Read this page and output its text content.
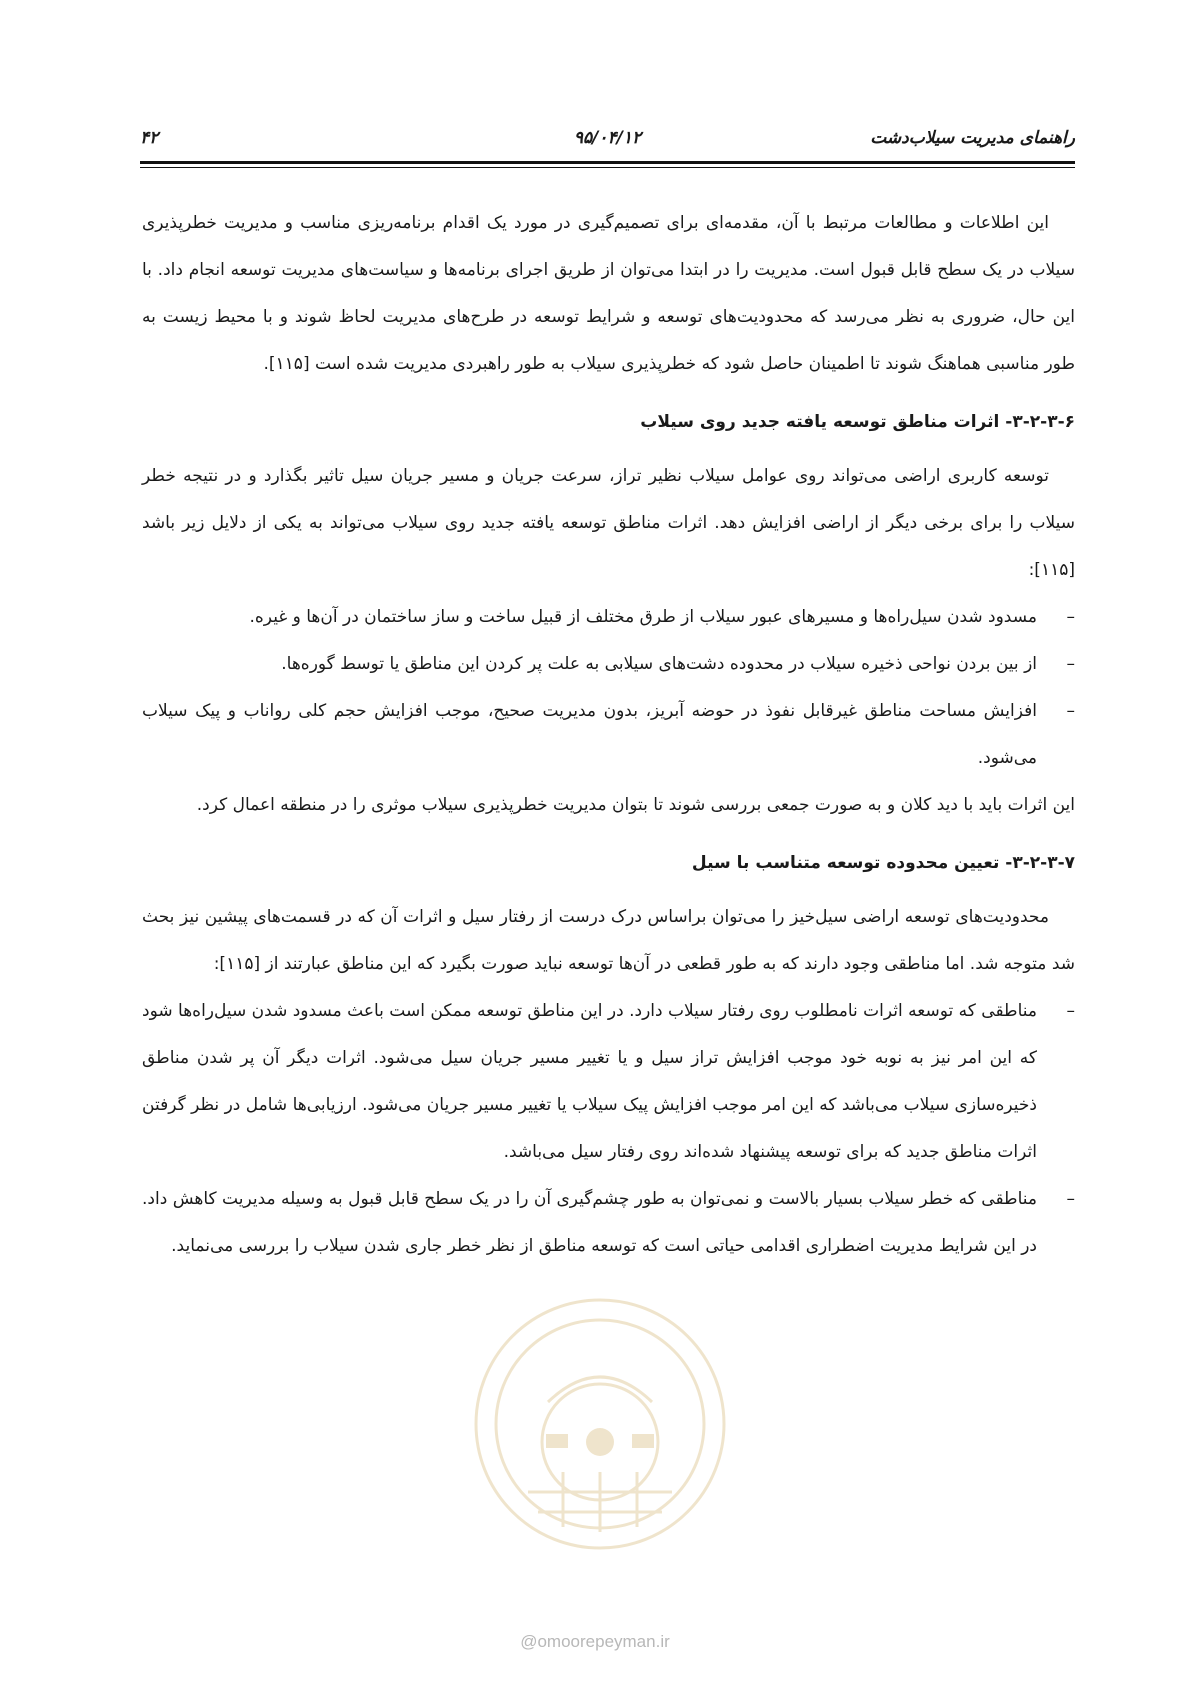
راهنمای مدیریت سیلاب‌دشت
۹۵/۰۴/۱۲
۴۲

این اطلاعات و مطالعات مرتبط با آن، مقدمه‌ای برای تصمیم‌گیری در مورد یک اقدام برنامه‌ریزی مناسب و مدیریت خطرپذیری سیلاب در یک سطح قابل قبول است. مدیریت را در ابتدا می‌توان از طریق اجرای برنامه‌ها و سیاست‌های مدیریت توسعه انجام داد. با این حال، ضروری به نظر می‌رسد که محدودیت‌های توسعه و شرایط توسعه در طرح‌های مدیریت لحاظ شوند و با محیط زیست به طور مناسبی هماهنگ شوند تا اطمینان حاصل شود که خطرپذیری سیلاب به طور راهبردی مدیریت شده است [۱۱۵].

۳-۲-۳-۶- اثرات مناطق توسعه یافته جدید روی سیلاب

توسعه کاربری اراضی می‌تواند روی عوامل سیلاب نظیر تراز، سرعت جریان و مسیر جریان سیل تاثیر بگذارد و در نتیجه خطر سیلاب را برای برخی دیگر از اراضی افزایش دهد. اثرات مناطق توسعه یافته جدید روی سیلاب می‌تواند به یکی از دلایل زیر باشد [۱۱۵]:

–
مسدود شدن سیل‌راه‌ها و مسیرهای عبور سیلاب از طرق مختلف از قبیل ساخت و ساز ساختمان در آن‌ها و غیره.
–
از بین بردن نواحی ذخیره سیلاب در محدوده دشت‌های سیلابی به علت پر کردن این مناطق یا توسط گوره‌ها.
–
افزایش مساحت مناطق غیرقابل نفوذ در حوضه آبریز، بدون مدیریت صحیح، موجب افزایش حجم کلی رواناب و پیک سیلاب می‌شود.

این اثرات باید با دید کلان و به صورت جمعی بررسی شوند تا بتوان مدیریت خطرپذیری سیلاب موثری را در منطقه اعمال کرد.

۳-۲-۳-۷- تعیین محدوده توسعه متناسب با سیل

محدودیت‌های توسعه اراضی سیل‌خیز را می‌توان براساس درک درست از رفتار سیل و اثرات آن که در قسمت‌های پیشین نیز بحث شد متوجه شد. اما مناطقی وجود دارند که به طور قطعی در آن‌ها توسعه نباید صورت بگیرد که این مناطق عبارتند از [۱۱۵]:

–
مناطقی که توسعه اثرات نامطلوب روی رفتار سیلاب دارد. در این مناطق توسعه ممکن است باعث مسدود شدن سیل‌راه‌ها شود که این امر نیز به نوبه خود موجب افزایش تراز سیل و یا تغییر مسیر جریان سیل می‌شود. اثرات دیگر آن پر شدن مناطق ذخیره‌سازی سیلاب می‌باشد که این امر موجب افزایش پیک سیلاب یا تغییر مسیر جریان می‌شود. ارزیابی‌ها شامل در نظر گرفتن اثرات مناطق جدید که برای توسعه پیشنهاد شده‌اند روی رفتار سیل می‌باشد.
–
مناطقی که خطر سیلاب بسیار بالاست و نمی‌توان به طور چشم‌گیری آن را در یک سطح قابل قبول به وسیله مدیریت کاهش داد. در این شرایط مدیریت اضطراری اقدامی حیاتی است که توسعه مناطق از نظر خطر جاری شدن سیلاب را بررسی می‌نماید.
@omoorepeyman.ir
